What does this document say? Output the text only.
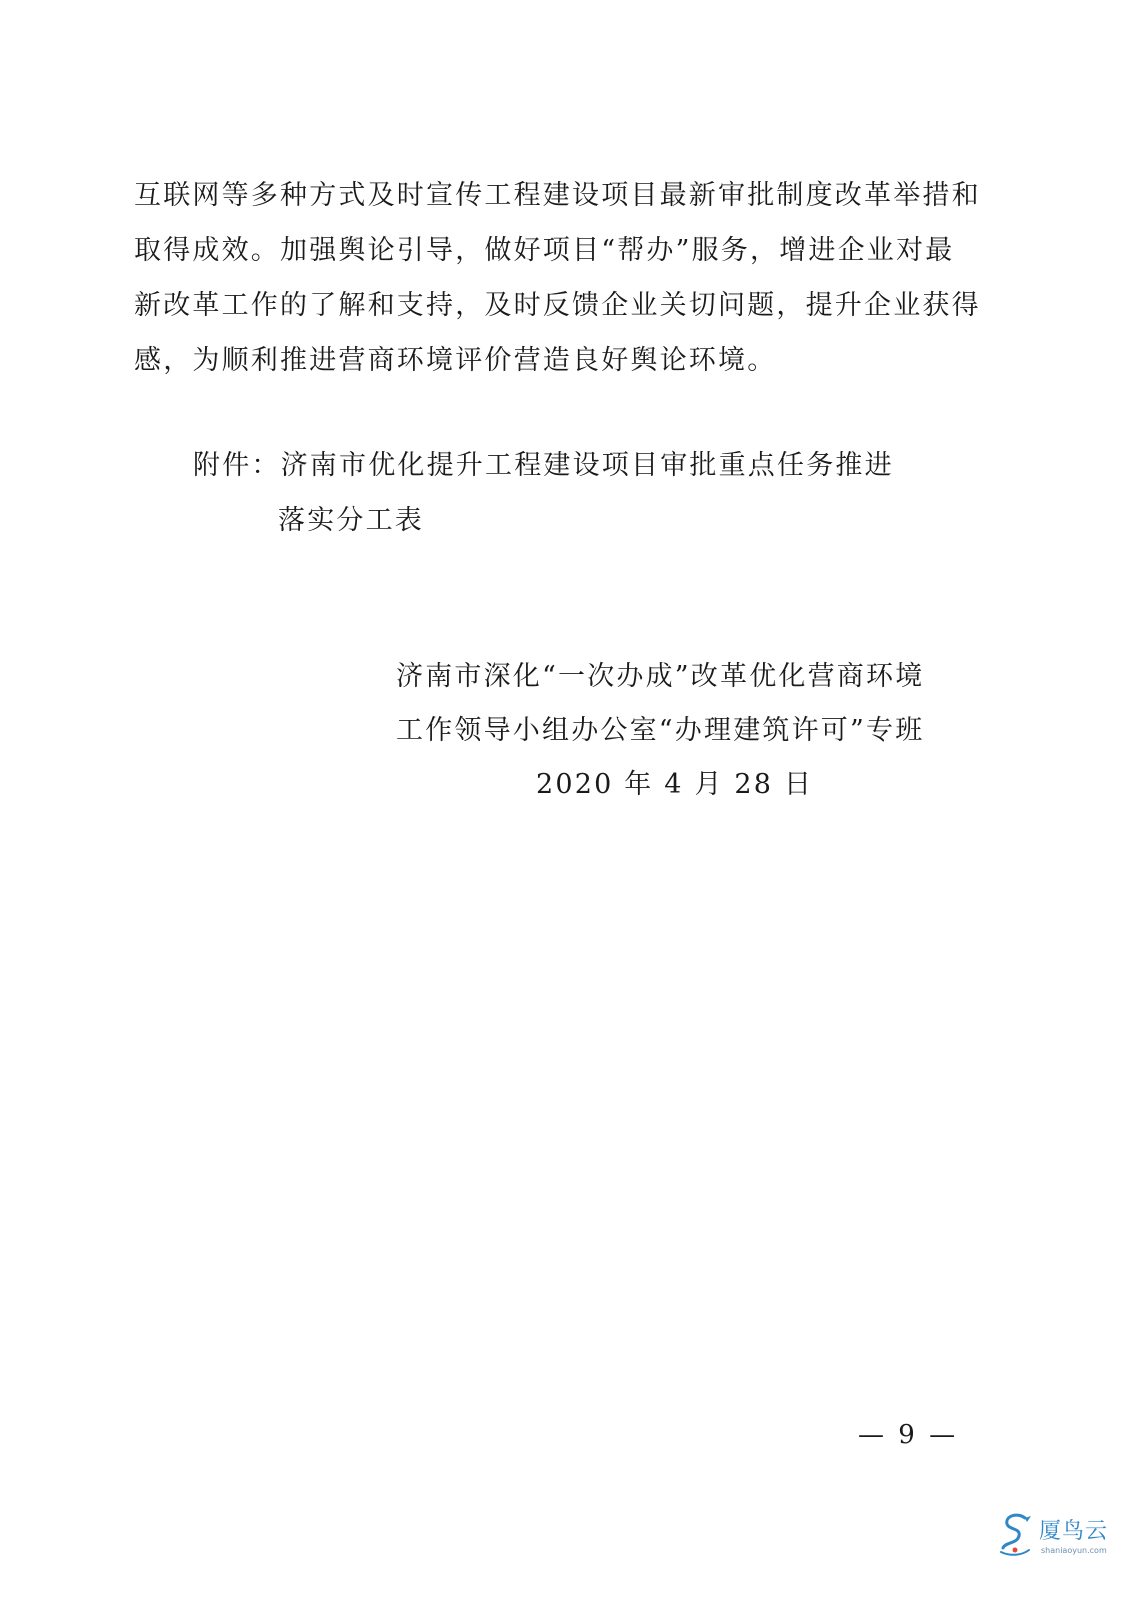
互联网等多种方式及时宣传工程建设项目最新审批制度改革举措和
取得成效。加强舆论引导，做好项目“帮办”服务，增进企业对最
新改革工作的了解和支持，及时反馈企业关切问题，提升企业获得
感，为顺利推进营商环境评价营造良好舆论环境。
附件：济南市优化提升工程建设项目审批重点任务推进
落实分工表
济南市深化“一次办成”改革优化营商环境
工作领导小组办公室“办理建筑许可”专班
2020 年 4 月 28 日
— 9 —
厦鸟云
shaniaoyun.com
